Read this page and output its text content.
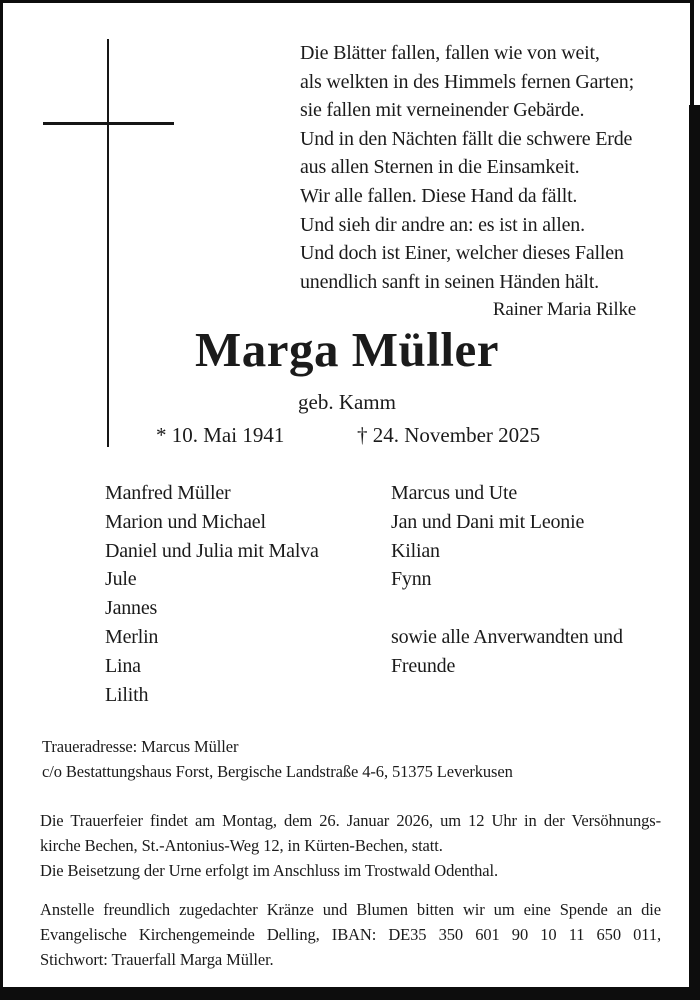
Die Blätter fallen, fallen wie von weit,
als welkten in des Himmels fernen Garten;
sie fallen mit verneinender Gebärde.
Und in den Nächten fällt die schwere Erde
aus allen Sternen in die Einsamkeit.
Wir alle fallen. Diese Hand da fällt.
Und sieh dir andre an: es ist in allen.
Und doch ist Einer, welcher dieses Fallen
unendlich sanft in seinen Händen hält.
Rainer Maria Rilke
Marga Müller
geb. Kamm
* 10. Mai 1941	† 24. November 2025
Manfred Müller
Marion und Michael
Daniel und Julia mit Malva
Jule
Jannes
Merlin
Lina
Lilith
Marcus und Ute
Jan und Dani mit Leonie
Kilian
Fynn
sowie alle Anverwandten und
Freunde
Traueradresse: Marcus Müller
c/o Bestattungshaus Forst, Bergische Landstraße 4-6, 51375 Leverkusen
Die Trauerfeier findet am Montag, dem 26. Januar 2026, um 12 Uhr in der Versöhnungs-
kirche Bechen, St.-Antonius-Weg 12, in Kürten-Bechen, statt.
Die Beisetzung der Urne erfolgt im Anschluss im Trostwald Odenthal.
Anstelle freundlich zugedachter Kränze und Blumen bitten wir um eine Spende an die
Evangelische Kirchengemeinde Delling, IBAN: DE35 350 601 90 10 11 650 011,
Stichwort: Trauerfall Marga Müller.
